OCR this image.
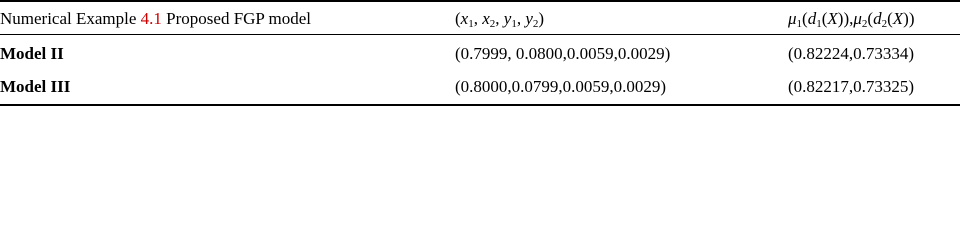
Numerical Example 4.1 Proposed FGP model	($x_1$, $x_2$, $y_1$, $y_2$)	$\mu_1(d_1(X)),\mu_2(d_2(X))$
Model II	(0.7999, 0.0800,0.0059,0.0029)	(0.82224,0.73334)
Model III	(0.8000,0.0799,0.0059,0.0029)	(0.82217,0.73325)
